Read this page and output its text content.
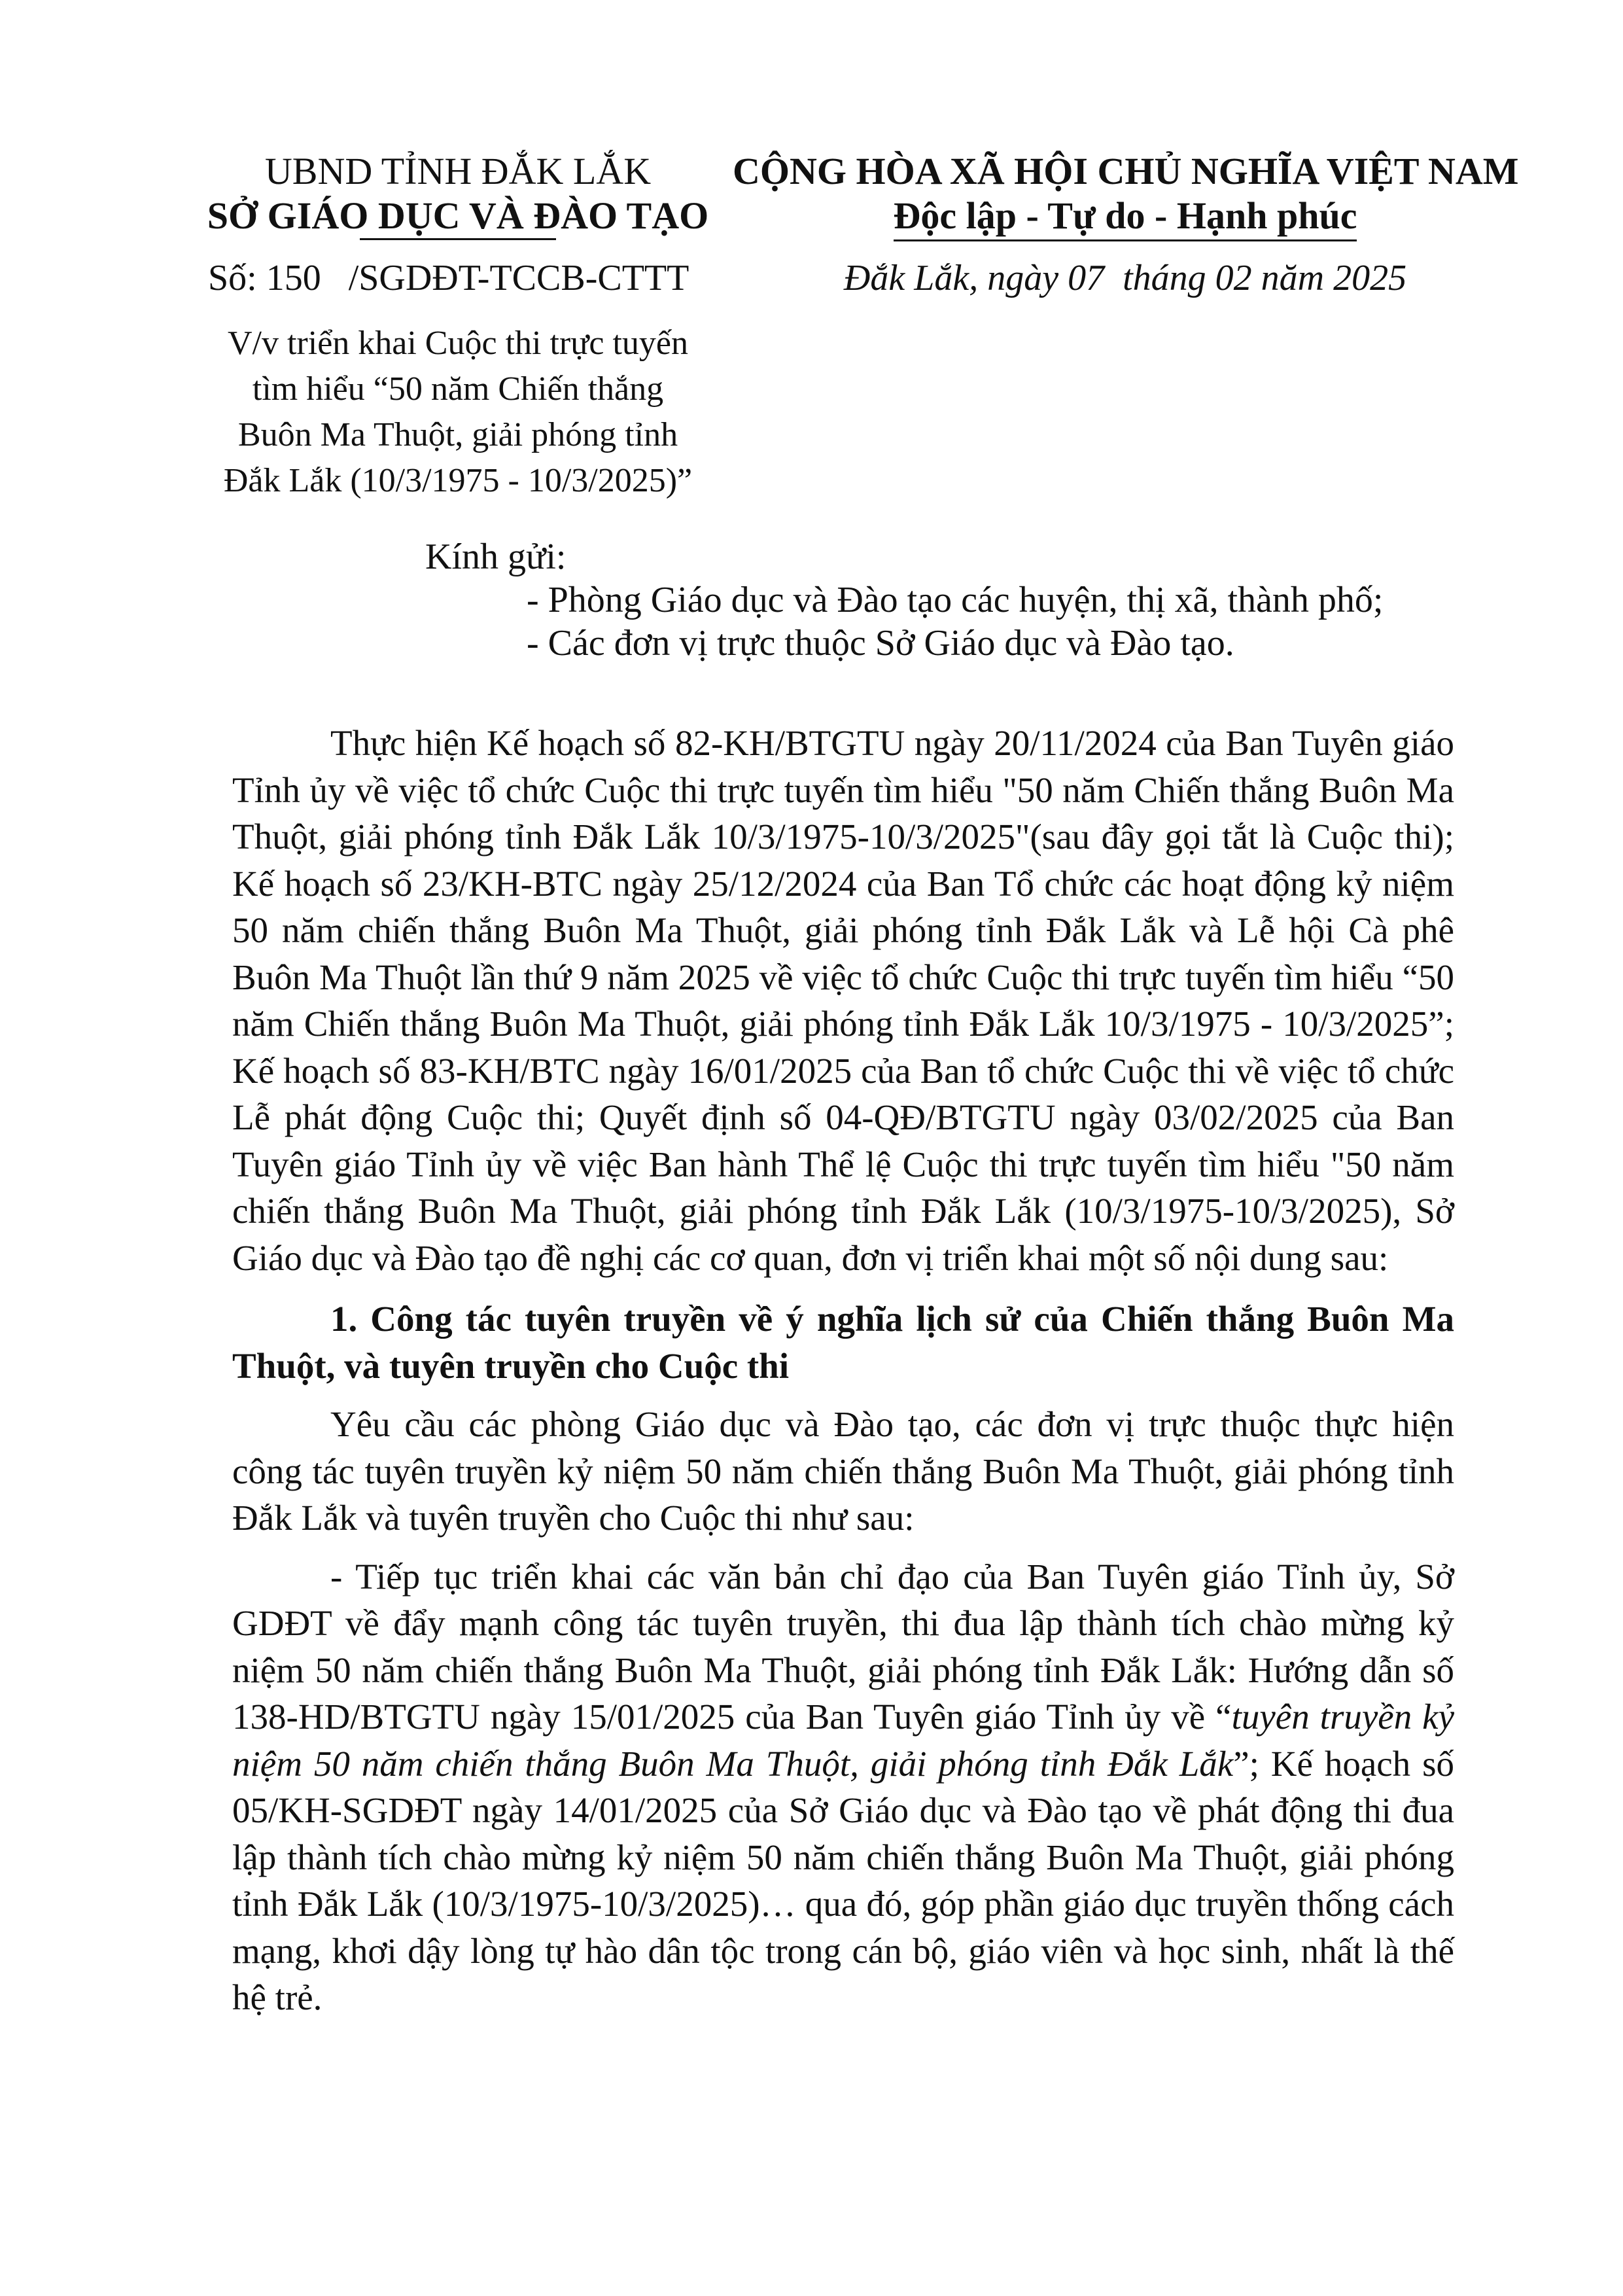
UBND TỈNH ĐẮK LẮK
SỞ GIÁO DỤC VÀ ĐÀO TẠO
CỘNG HÒA XÃ HỘI CHỦ NGHĨA VIỆT NAM
Độc lập - Tự do - Hạnh phúc
Số: 150   /SGDĐT-TCCB-CTTT	Đắk Lắk, ngày 07  tháng 02 năm 2025
V/v triển khai Cuộc thi trực tuyến
tìm hiểu “50 năm Chiến thắng
Buôn Ma Thuột, giải phóng tỉnh
Đắk Lắk (10/3/1975 - 10/3/2025)”
Kính gửi:
- Phòng Giáo dục và Đào tạo các huyện, thị xã, thành phố;
- Các đơn vị trực thuộc Sở Giáo dục và Đào tạo.

Thực hiện Kế hoạch số 82-KH/BTGTU ngày 20/11/2024 của Ban Tuyên giáo Tỉnh ủy về việc tổ chức Cuộc thi trực tuyến tìm hiểu "50 năm Chiến thắng Buôn Ma Thuột, giải phóng tỉnh Đắk Lắk 10/3/1975-10/3/2025"(sau đây gọi tắt là Cuộc thi); Kế hoạch số 23/KH-BTC ngày 25/12/2024 của Ban Tổ chức các hoạt động kỷ niệm 50 năm chiến thắng Buôn Ma Thuột, giải phóng tỉnh Đắk Lắk và Lễ hội Cà phê Buôn Ma Thuột lần thứ 9 năm 2025 về việc tổ chức Cuộc thi trực tuyến tìm hiểu “50 năm Chiến thắng Buôn Ma Thuột, giải phóng tỉnh Đắk Lắk 10/3/1975 - 10/3/2025”; Kế hoạch số 83-KH/BTC ngày 16/01/2025 của Ban tổ chức Cuộc thi về việc tổ chức Lễ phát động Cuộc thi; Quyết định số 04-QĐ/BTGTU ngày 03/02/2025 của Ban Tuyên giáo Tỉnh ủy về việc Ban hành Thể lệ Cuộc thi trực tuyến tìm hiểu "50 năm chiến thắng Buôn Ma Thuột, giải phóng tỉnh Đắk Lắk (10/3/1975-10/3/2025), Sở Giáo dục và Đào tạo đề nghị các cơ quan, đơn vị triển khai một số nội dung sau:

1. Công tác tuyên truyền về ý nghĩa lịch sử của Chiến thắng Buôn Ma Thuột, và tuyên truyền cho Cuộc thi

Yêu cầu các phòng Giáo dục và Đào tạo, các đơn vị trực thuộc thực hiện công tác tuyên truyền kỷ niệm 50 năm chiến thắng Buôn Ma Thuột, giải phóng tỉnh Đắk Lắk và tuyên truyền cho Cuộc thi như sau:

- Tiếp tục triển khai các văn bản chỉ đạo của Ban Tuyên giáo Tỉnh ủy, Sở GDĐT về đẩy mạnh công tác tuyên truyền, thi đua lập thành tích chào mừng kỷ niệm 50 năm chiến thắng Buôn Ma Thuột, giải phóng tỉnh Đắk Lắk: Hướng dẫn số 138-HD/BTGTU ngày 15/01/2025 của Ban Tuyên giáo Tỉnh ủy về “tuyên truyền kỷ niệm 50 năm chiến thắng Buôn Ma Thuột, giải phóng tỉnh Đắk Lắk”; Kế hoạch số 05/KH-SGDĐT ngày 14/01/2025 của Sở Giáo dục và Đào tạo về phát động thi đua lập thành tích chào mừng kỷ niệm 50 năm chiến thắng Buôn Ma Thuột, giải phóng tỉnh Đắk Lắk (10/3/1975-10/3/2025)… qua đó, góp phần giáo dục truyền thống cách mạng, khơi dậy lòng tự hào dân tộc trong cán bộ, giáo viên và học sinh, nhất là thế hệ trẻ.
